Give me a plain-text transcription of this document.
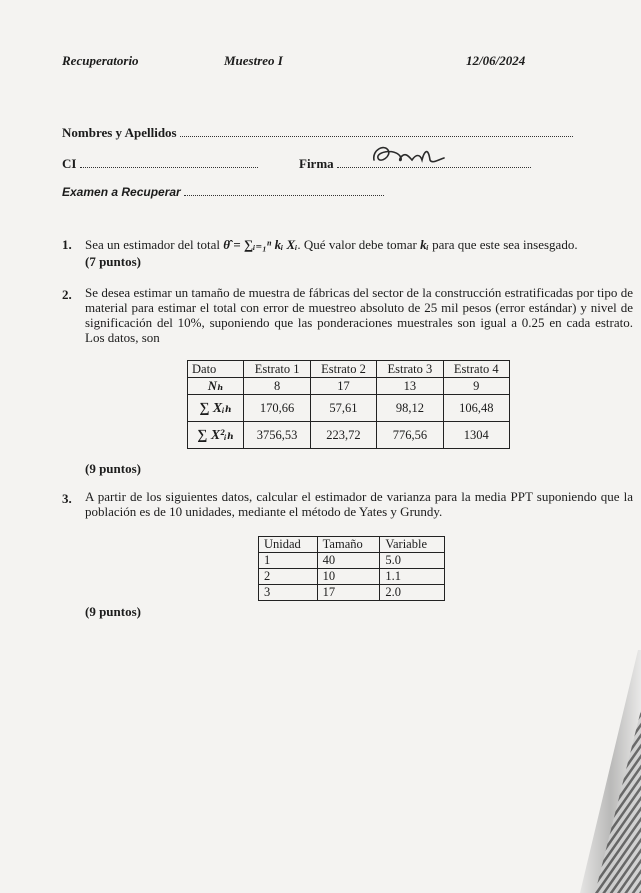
Recuperatorio	Muestreo I	12/06/2024
Nombres y Apellidos
CI	Firma
Examen a Recuperar
1. Sea un estimador del total θ̂ = ∑ᵢ₌₁ⁿ kᵢ Xᵢ. Qué valor debe tomar kᵢ para que este sea insesgado.
(7 puntos)
2. Se desea estimar un tamaño de muestra de fábricas del sector de la construcción estratificadas por tipo de material para estimar el total con error de muestreo absoluto de 25 mil pesos (error estándar) y nivel de significación del 10%, suponiendo que las ponderaciones muestrales son igual a 0.25 en cada estrato. Los datos, son
Dato	Estrato 1	Estrato 2	Estrato 3	Estrato 4
Nₕ	8	17	13	9
∑ Xᵢₕ	170,66	57,61	98,12	106,48
∑ X²ᵢₕ	3756,53	223,72	776,56	1304
(9 puntos)
3. A partir de los siguientes datos, calcular el estimador de varianza para la media PPT suponiendo que la población es de 10 unidades, mediante el método de Yates y Grundy.
Unidad	Tamaño	Variable
1	40	5.0
2	10	1.1
3	17	2.0
(9 puntos)
